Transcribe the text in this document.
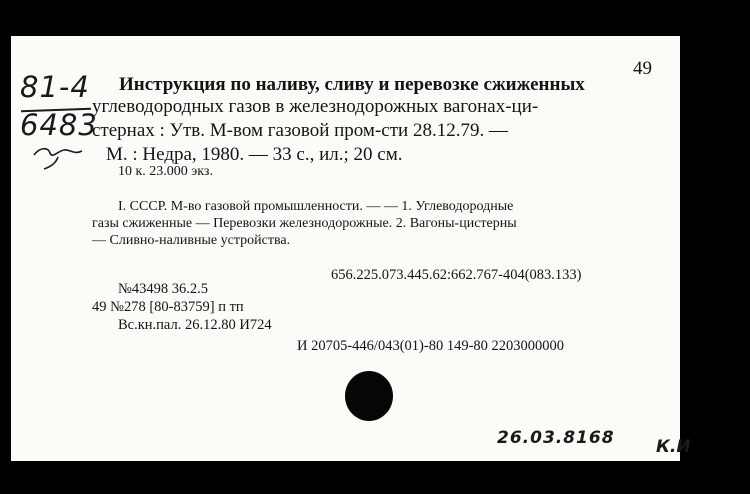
49
81-4
6483
Инструкция по наливу, сливу и перевозке сжиженных
углеводородных газов в железнодорожных вагонах-ци-
стернах : Утв. М-вом газовой пром-сти 28.12.79. —
М. : Недра, 1980. — 33 с., ил.; 20 см.
10 к. 23.000 экз.
I. СССР. М-во газовой промышленности. — — 1. Углеводородные
газы сжиженные — Перевозки железнодорожные. 2. Вагоны-цистерны
— Сливно-наливные устройства.
656.225.073.445.62:662.767-404(083.133)
№43498 36.2.5
49 №278 [80-83759] п тп
Вс.кн.пал. 26.12.80 И724
И 20705-446/043(01)-80 149-80 2203000000
26.03.8168 К.И
